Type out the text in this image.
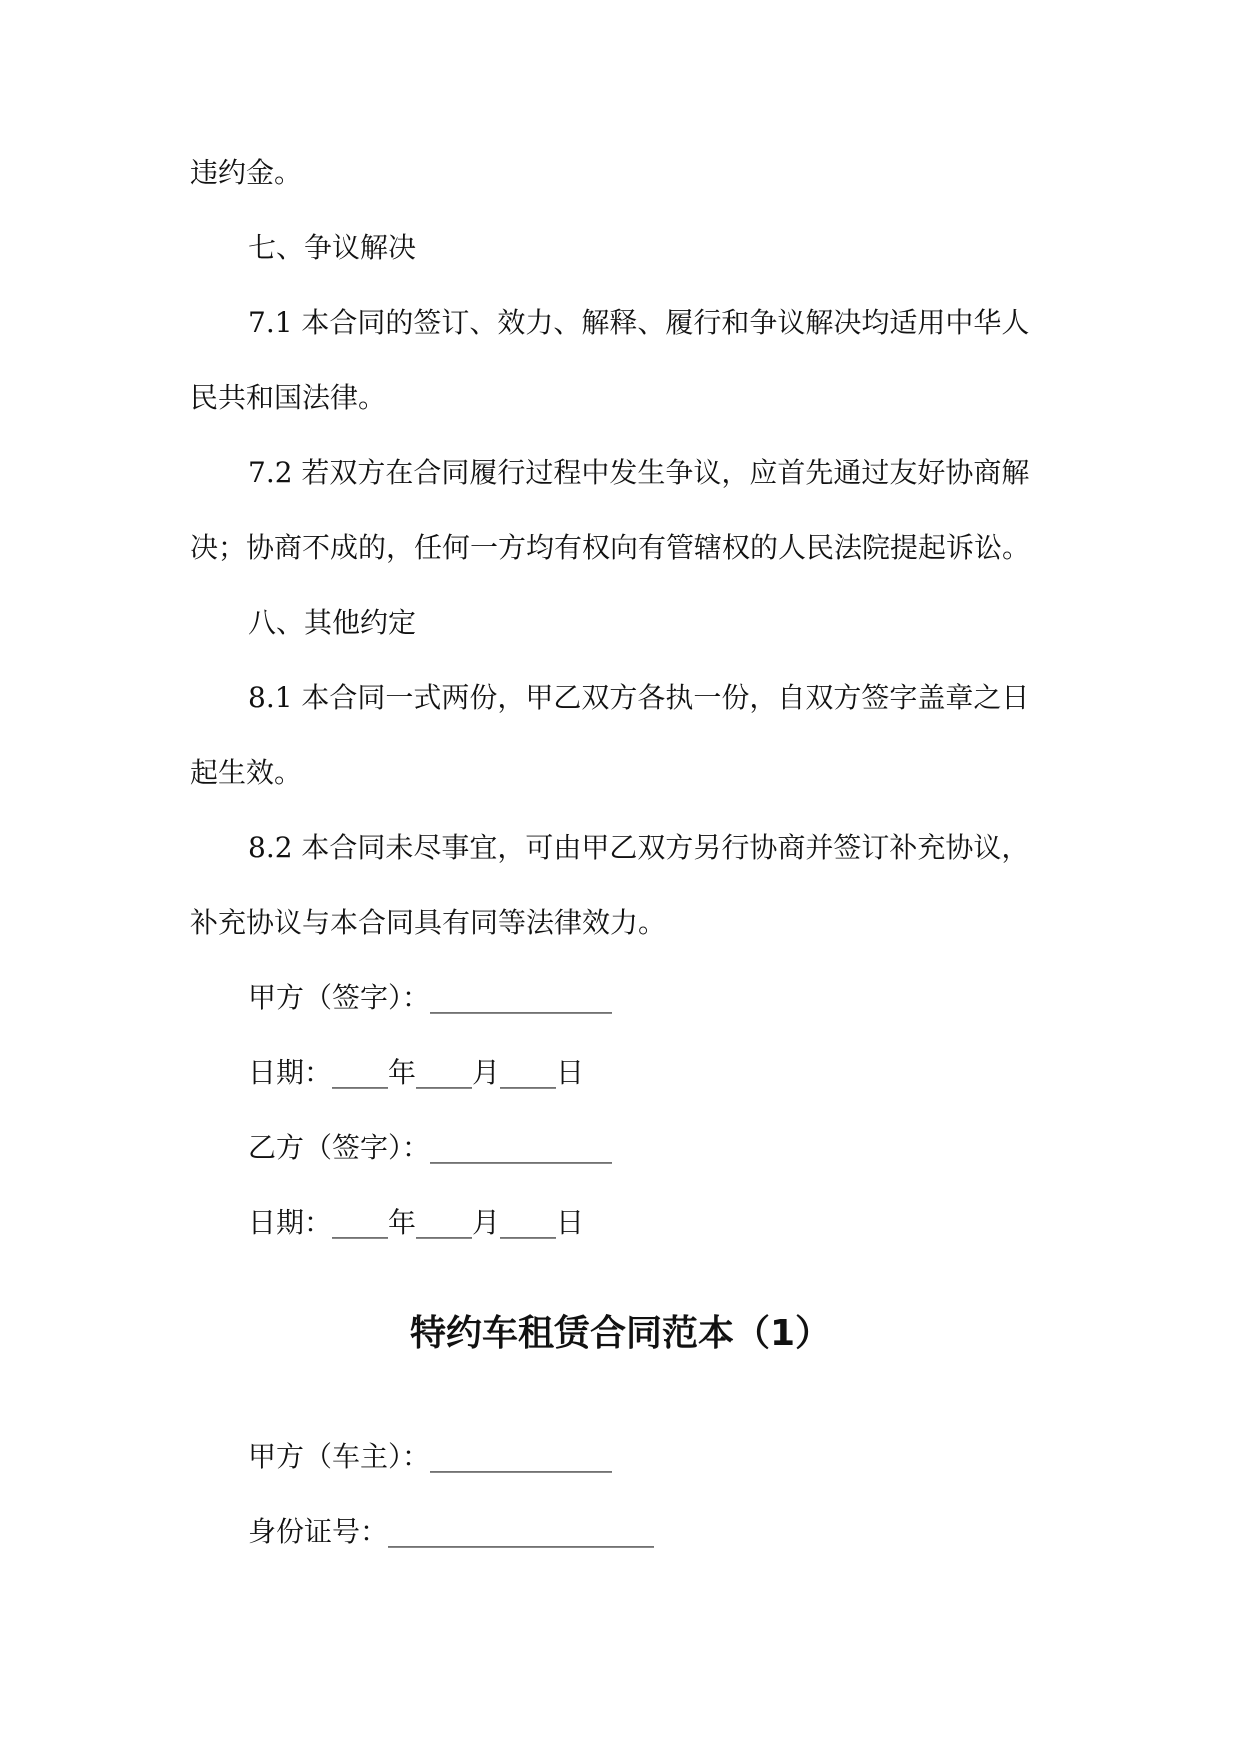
违约金。
七、争议解决
7.1 本合同的签订、效力、解释、履行和争议解决均适用中华人
民共和国法律。
7.2 若双方在合同履行过程中发生争议，应首先通过友好协商解
决；协商不成的，任何一方均有权向有管辖权的人民法院提起诉讼。
八、其他约定
8.1 本合同一式两份，甲乙双方各执一份，自双方签字盖章之日
起生效。
8.2 本合同未尽事宜，可由甲乙双方另行协商并签订补充协议，
补充协议与本合同具有同等法律效力。
甲方（签字）：_____________
日期：____年____月____日
乙方（签字）：_____________
日期：____年____月____日
特约车租赁合同范本（1）
甲方（车主）：_____________
身份证号：___________________
